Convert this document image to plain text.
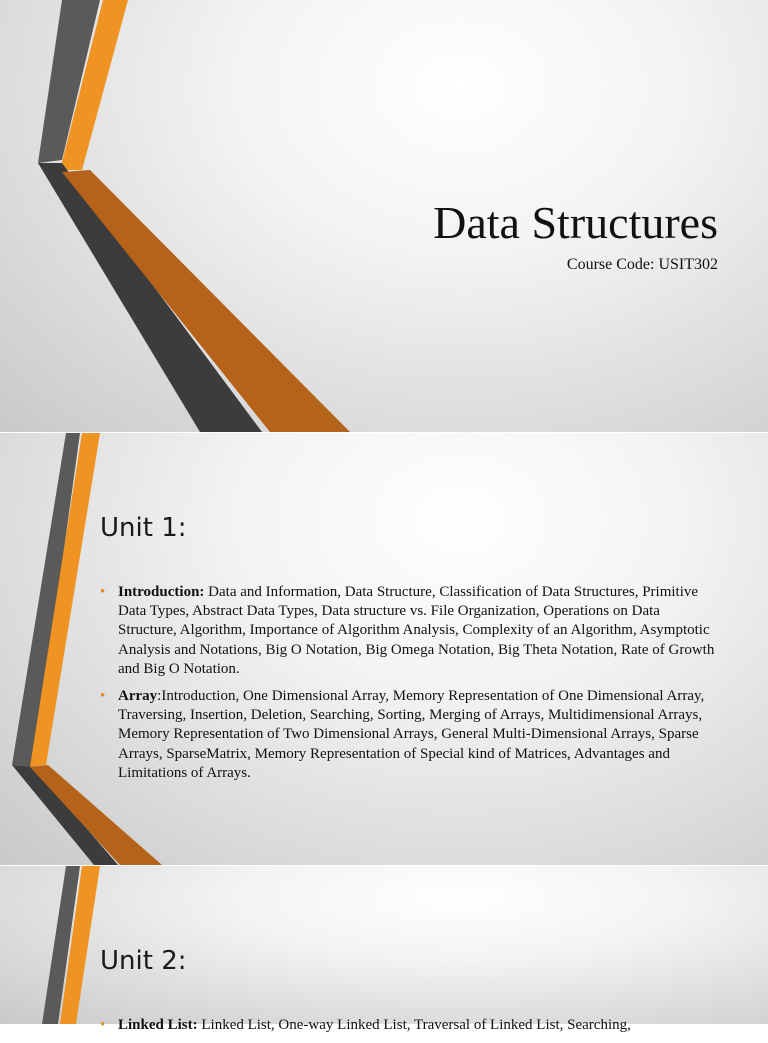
Data Structures
Course Code: USIT302
Unit 1:
• Introduction: Data and Information, Data Structure, Classification of Data Structures, Primitive Data Types, Abstract Data Types, Data structure vs. File Organization, Operations on Data Structure, Algorithm, Importance of Algorithm Analysis, Complexity of an Algorithm, Asymptotic Analysis and Notations, Big O Notation, Big Omega Notation, Big Theta Notation, Rate of Growth and Big O Notation.
• Array:Introduction, One Dimensional Array, Memory Representation of One Dimensional Array, Traversing, Insertion, Deletion, Searching, Sorting, Merging of Arrays, Multidimensional Arrays, Memory Representation of Two Dimensional Arrays, General Multi-Dimensional Arrays, Sparse Arrays, SparseMatrix, Memory Representation of Special kind of Matrices, Advantages and Limitations of Arrays.
Unit 2:
• Linked List: Linked List, One-way Linked List, Traversal of Linked List, Searching,
